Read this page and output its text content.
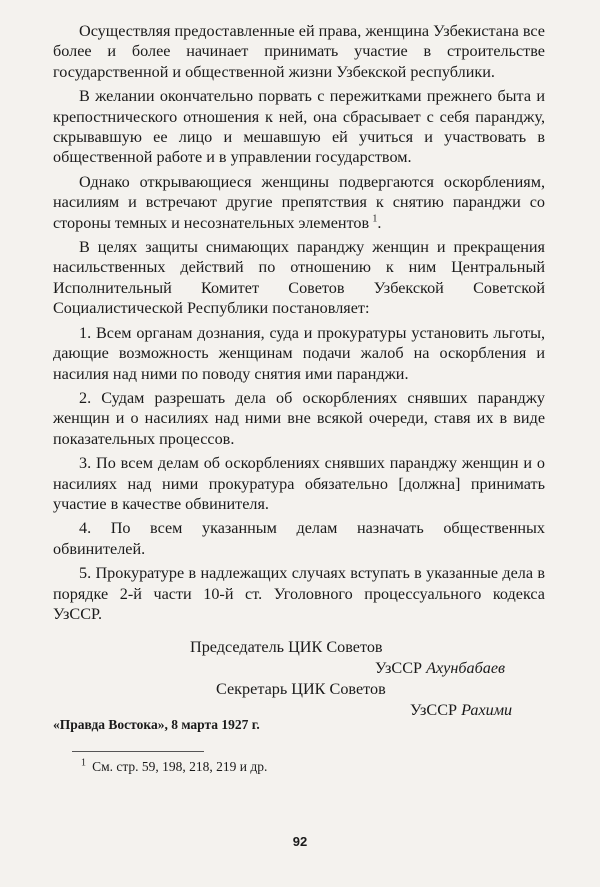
Осуществляя предоставленные ей права, женщина Узбекистана все более и более начинает принимать участие в строительстве государственной и общественной жизни Узбекской республики.

В желании окончательно порвать с пережитками прежнего быта и крепостнического отношения к ней, она сбрасывает с себя паранджу, скрывавшую ее лицо и мешавшую ей учиться и участвовать в общественной работе и в управлении государством.

Однако открывающиеся женщины подвергаются оскорблениям, насилиям и встречают другие препятствия к снятию паранджи со стороны темных и несознательных элементов  $^1$.

В целях защиты снимающих паранджу женщин и прекращения насильственных действий по отношению к ним Центральный Исполнительный Комитет Советов Узбекской Советской Социалистической Республики постановляет:

1. Всем органам дознания, суда и прокуратуры установить льготы, дающие возможность женщинам подачи жалоб на оскорбления и насилия над ними по поводу снятия ими паранджи.

2. Судам разрешать дела об оскорблениях снявших паранджу женщин и о насилиях над ними вне всякой очереди, ставя их в виде показательных процессов.

3. По всем делам об оскорблениях снявших паранджу женщин и о насилиях над ними прокуратура обязательно [должна] принимать участие в качестве обвинителя.

4. По всем указанным делам назначать общественных обвинителей.

5. Прокуратуре в надлежащих случаях вступать в указанные дела в порядке 2-й части 10-й ст. Уголовного процессуального кодекса УзССР.

Председатель ЦИК Советов
УзССР Ахунбабаев
Секретарь ЦИК Советов
УзССР Рахими
«Правда Востока», 8 марта 1927 г.
$^1$  См. стр. 59, 198, 218, 219 и др.
92
